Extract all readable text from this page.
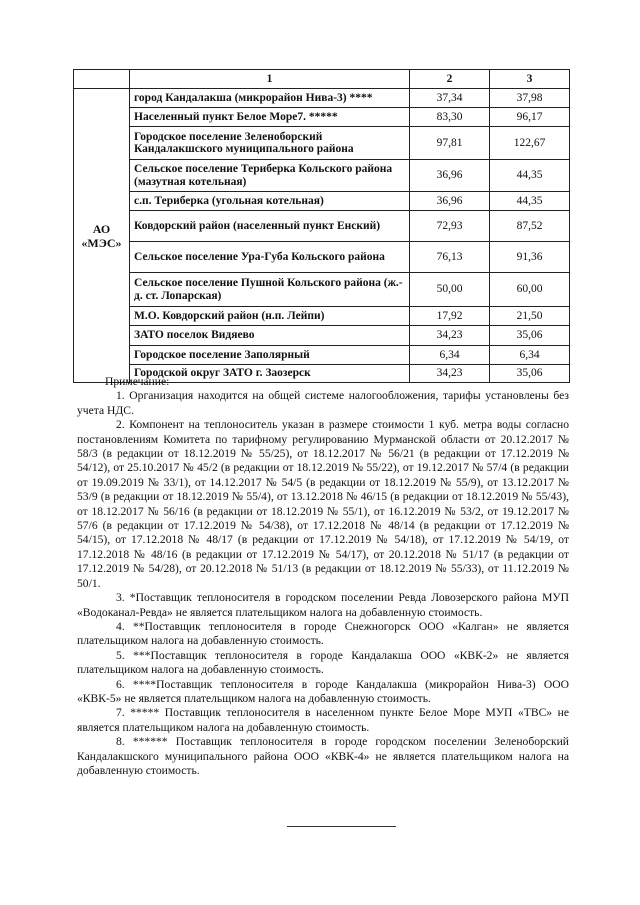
	1	2	3
АО «МЭС»	город Кандалакша (микрорайон Нива-3) ****	37,34	37,98
	Населенный пункт Белое Море7. *****	83,30	96,17
	Городское поселение Зеленоборский Кандалакшского муниципального района	97,81	122,67
	Сельское поселение Териберка Кольского района (мазутная котельная)	36,96	44,35
	с.п. Териберка (угольная котельная)	36,96	44,35
	Ковдорский район (населенный пункт Енский)	72,93	87,52
	Сельское поселение Ура-Губа Кольского района	76,13	91,36
	Сельское поселение Пушной Кольского района (ж.-д. ст. Лопарская)	50,00	60,00
	М.О. Ковдорский район (н.п. Лейпи)	17,92	21,50
	ЗАТО поселок Видяево	34,23	35,06
	Городское поселение Заполярный	6,34	6,34
	Городской округ ЗАТО г. Заозерск	34,23	35,06

Примечание:

1. Организация находится на общей системе налогообложения, тарифы установлены без учета НДС.

2. Компонент на теплоноситель указан в размере стоимости 1 куб. метра воды согласно постановлениям Комитета по тарифному регулированию Мурманской области от 20.12.2017 № 58/3 (в редакции от 18.12.2019 № 55/25), от 18.12.2017 № 56/21 (в редакции от 17.12.2019 № 54/12), от 25.10.2017 № 45/2 (в редакции от 18.12.2019 № 55/22), от 19.12.2017 № 57/4 (в редакции от 19.09.2019 № 33/1), от 14.12.2017 № 54/5 (в редакции от 18.12.2019 № 55/9), от 13.12.2017 № 53/9 (в редакции от 18.12.2019 № 55/4), от 13.12.2018 № 46/15 (в редакции от 18.12.2019 № 55/43), от 18.12.2017 № 56/16 (в редакции от 18.12.2019 № 55/1), от 16.12.2019 № 53/2, от 19.12.2017 № 57/6 (в редакции от 17.12.2019 № 54/38), от 17.12.2018 № 48/14 (в редакции от 17.12.2019 № 54/15), от 17.12.2018 № 48/17 (в редакции от 17.12.2019 № 54/18), от 17.12.2019 № 54/19, от 17.12.2018 № 48/16 (в редакции от 17.12.2019 № 54/17), от 20.12.2018 № 51/17 (в редакции от 17.12.2019 № 54/28), от 20.12.2018 № 51/13 (в редакции от 18.12.2019 № 55/33), от 11.12.2019 № 50/1.

3. *Поставщик теплоносителя в городском поселении Ревда Ловозерского района МУП «Водоканал-Ревда» не является плательщиком налога на добавленную стоимость.

4. **Поставщик теплоносителя в городе Снежногорск ООО «Калган» не является плательщиком налога на добавленную стоимость.

5. ***Поставщик теплоносителя в городе Кандалакша ООО «КВК-2» не является плательщиком налога на добавленную стоимость.

6. ****Поставщик теплоносителя в городе Кандалакша (микрорайон Нива-3) ООО «КВК-5» не является плательщиком налога на добавленную стоимость.

7. ***** Поставщик теплоносителя в населенном пункте Белое Море МУП «ТВС» не является плательщиком налога на добавленную стоимость.

8. ****** Поставщик теплоносителя в городе городском поселении Зеленоборский Кандалакшского муниципального района ООО «КВК-4» не является плательщиком налога на добавленную стоимость.
